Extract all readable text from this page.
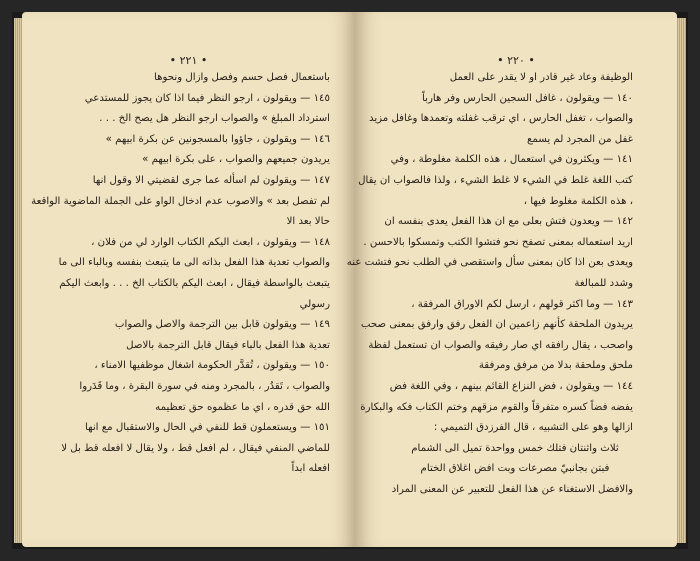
• ٢٢١ •
باستعمال فصل حسم وفصل وازال ونحوها
١٤٥ — ويقولون ، ارجو النظر فيما اذا كان يجوز للمستدعي
استرداد المبلغ » والصواب ارجو النظر هل يصح الخ . . .
١٤٦ — ويقولون ، جاؤوا بالمسجونين عن بكرة ابيهم »
يريدون جميعهم والصواب ، على بكرة ابيهم »
١٤٧ — ويقولون لم اسأله عما جرى لقضيتي الا وقول انها
لم تفصل بعد » والاصوب عدم ادخال الواو على الجملة الماضوية الواقعة
حالا بعد الا
١٤٨ — ويقولون ، ابعث اليكم الكتاب الوارد لي من فلان ،
والصواب تعدية هذا الفعل بذاته الى ما يتبعث بنفسه وبالباء الى ما
يتبعث بالواسطة فيقال ، ابعث اليكم بالكتاب الخ . . . وابعث اليكم
رسولي
١٤٩ — ويقولون قابل بين الترجمة والاصل والصواب
تعدية هذا الفعل بالباء فيقال قابل الترجمة بالاصل
١٥٠ — ويقولون ، تُقدَّر الحكومة اشغال موظفيها الامناء ،
والصواب ، تَقدُر ، بالمجرد ومنه في سورة البقرة ، وما قَدَروا
الله حق قدره ، اي ما عظموه حق تعظيمه
١٥١ — ويستعملون قط للنفي في الحال والاستقبال مع انها
للماضي المنفي فيقال ، لم افعل قط ، ولا يقال لا افعله قط بل لا
افعله ابداً
• ٢٢٠ •
الوظيفة وعاد غير قادر او لا يقدر على العمل
١٤٠ — ويقولون ، غافل السجين الحارس وفر هارباً
والصواب ، تغفل الحارس ، اي ترقب غفلته وتعمدها وغافل مزيد
غفل من المجرد لم يسمع
١٤١ — ويكثرون في استعمال ، هذه الكلمة مغلوطة ، وفي
كتب اللغة غلط في الشيء لا غلط الشيء ، ولذا فالصواب ان يقال
، هذه الكلمة مغلوط فيها ،
١٤٢ — ويعدون فتش بعلى مع ان هذا الفعل يعدى بنفسه ان
اريد استعماله بمعنى تصفح نحو فتشوا الكتب وتمسكوا بالاحسن .
ويعدى بعن اذا كان بمعنى سأل واستقصى في الطلب نحو فتشت عنه
وشدد للمبالغة
١٤٣ — وما اكثر قولهم ، ارسل لكم الاوراق المرفقة ،
يريدون الملحقة كأنهم زاعمين ان الفعل رفق وارفق بمعنى صحب
واصحب ، يقال رافقه اي صار رفيقه والصواب ان تستعمل لفظة
ملحق وملحقة بدلا من مرفق ومرفقة
١٤٤ — ويقولون ، فض النزاع القائم بينهم ، وفي اللغة فض
يفضه فضاً كسره متفرقاً والقوم مزقهم وختم الكتاب فكه والبكارة
ازالها وهو على التشبيه ، قال الفرزدق التميمي :
ثلاث واثنتان فتلك خمس وواحدة تميل الى الشمام
فبتن بجانبيّ مصرعات وبت افض اغلاق الختام
والافضل الاستغناء عن هذا الفعل للتعبير عن المعنى المراد
